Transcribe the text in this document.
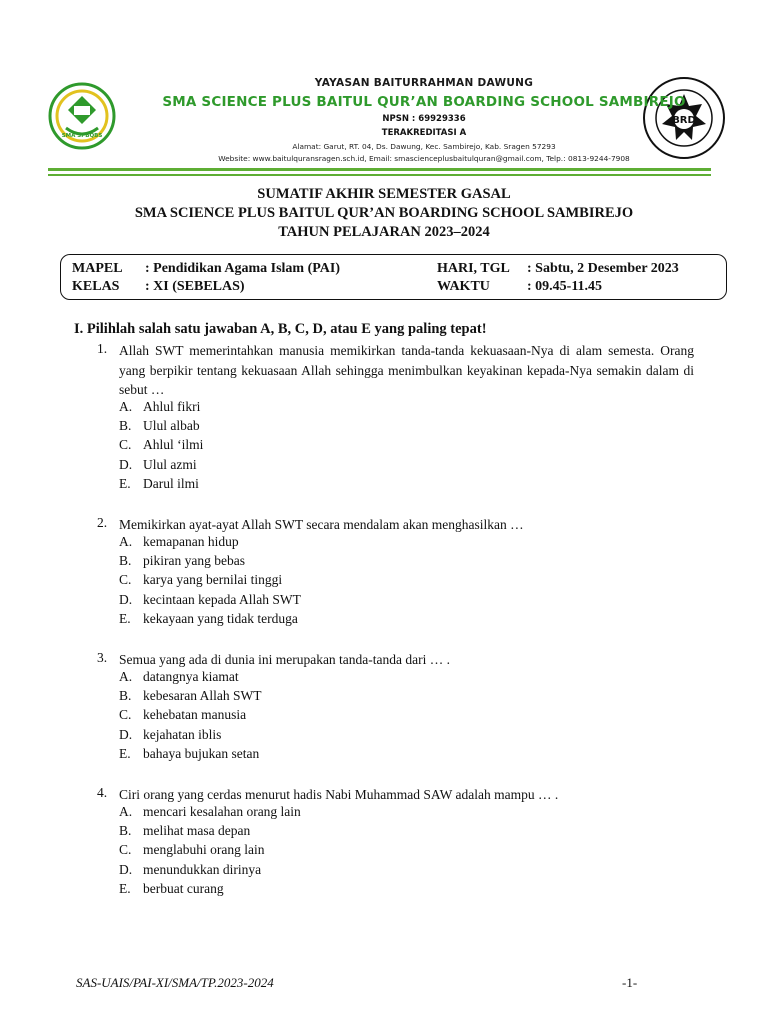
SMA SPBQBS
BRD
YAYASAN BAITURRAHMAN DAWUNG
SMA SCIENCE PLUS BAITUL QUR’AN BOARDING SCHOOL SAMBIREJO
NPSN : 69929336
TERAKREDITASI A
Alamat: Garut, RT. 04, Ds. Dawung, Kec. Sambirejo, Kab. Sragen 57293
Website: www.baitulquransragen.sch.id, Email: smascienceplusbaitulquran@gmail.com, Telp.: 0813-9244-7908
SUMATIF AKHIR SEMESTER GASAL
SMA SCIENCE PLUS BAITUL QUR’AN BOARDING SCHOOL SAMBIREJO
TAHUN PELAJARAN 2023–2024
MAPEL : Pendidikan Agama Islam (PAI)
KELAS : XI (SEBELAS)
HARI, TGL : Sabtu, 2 Desember 2023
WAKTU	: 09.45-11.45
I. Pilihlah salah satu jawaban A, B, C, D, atau E yang paling tepat!
1. Allah SWT memerintahkan manusia memikirkan tanda-tanda kekuasaan-Nya di alam semesta. Orang yang berpikir tentang kekuasaan Allah sehingga menimbulkan keyakinan kepada-Nya semakin dalam di sebut …
A. Ahlul fikri
B. Ulul albab
C. Ahlul ‘ilmi
D. Ulul azmi
E. Darul ilmi
2. Memikirkan ayat-ayat Allah SWT secara mendalam akan menghasilkan …
A. kemapanan hidup
B. pikiran yang bebas
C. karya yang bernilai tinggi
D. kecintaan kepada Allah SWT
E. kekayaan yang tidak terduga
3. Semua yang ada di dunia ini merupakan tanda-tanda dari … .
A. datangnya kiamat
B. kebesaran Allah SWT
C. kehebatan manusia
D. kejahatan iblis
E. bahaya bujukan setan
4. Ciri orang yang cerdas menurut hadis Nabi Muhammad SAW adalah mampu … .
A. mencari kesalahan orang lain
B. melihat masa depan
C. menglabuhi orang lain
D. menundukkan dirinya
E. berbuat curang
SAS-UAIS/PAI-XI/SMA/TP.2023-2024	-1-
